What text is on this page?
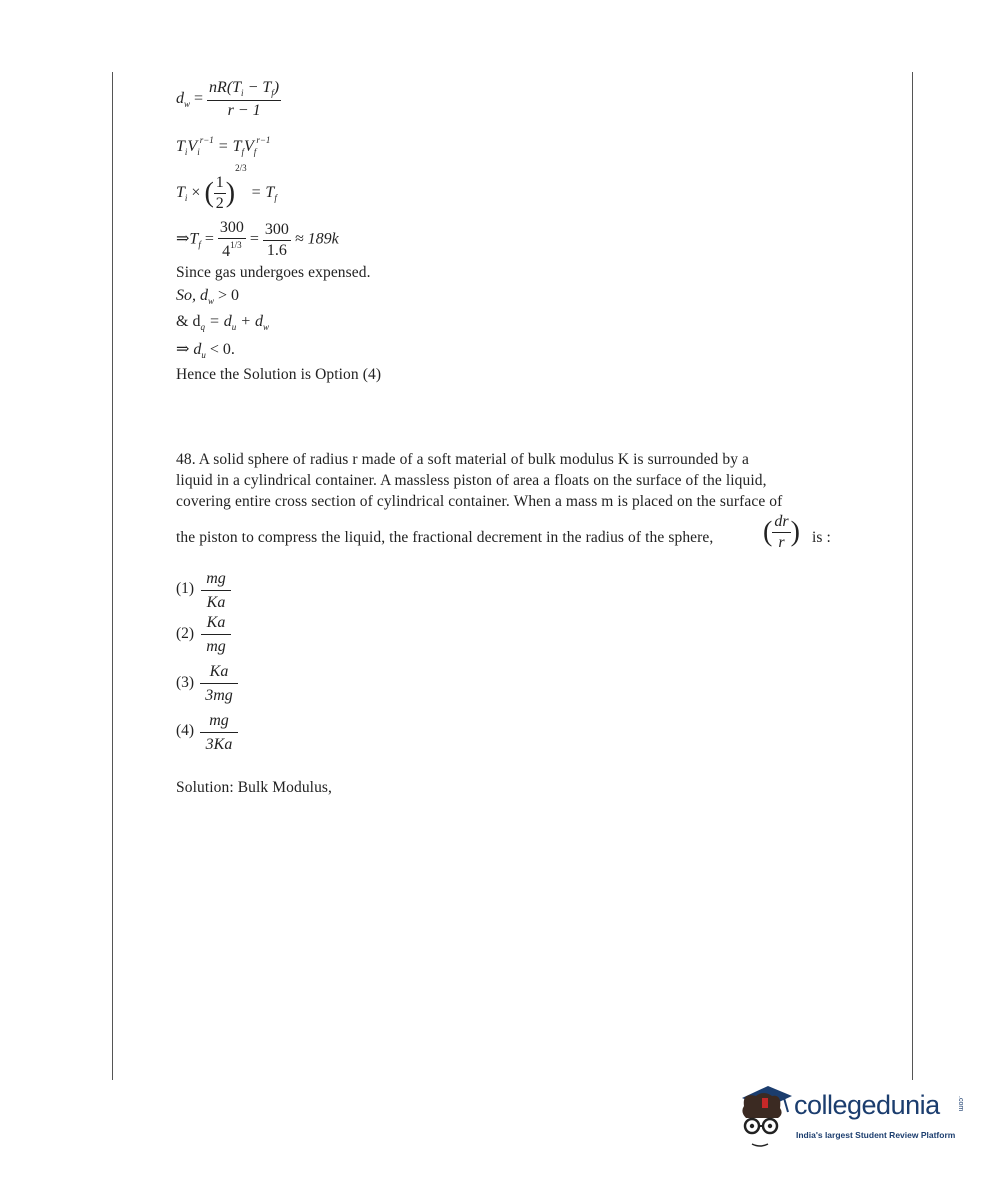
$d_w = \frac{nR(T_i - T_f)}{r - 1}$
$T_iV_i^{r-1} = T_fV_f^{r-1}$
$T_i$ × ( $\frac{1}{2} )^{2/3} = T_f$
$\Rightarrow T_f = \frac{300}{4^{1/3}} = \frac{300}{1.6} \approx 189k$
Since gas undergoes expensed.
So, $d_w > 0$
& $d_q = d_u + d_w$
⇒ $d_u < 0$.
Hence the Solution is Option (4)
48. A solid sphere of radius r made of a soft material of bulk modulus K is surrounded by a
liquid in a cylindrical container. A massless piston of area a floats on the surface of the liquid,
covering entire cross section of cylindrical container. When a mass m is placed on the surface of
the piston to compress the liquid, the fractional decrement in the radius of the sphere, ( $\frac{dr}{r}$ ) is :
$(1) \frac{mg}{Ka}$
$(2) \frac{Ka}{mg}$
$(3) \frac{Ka}{3mg}$
$(4) \frac{mg}{3Ka}$
Solution: Bulk Modulus,
collegedunia .com
India's largest Student Review Platform
